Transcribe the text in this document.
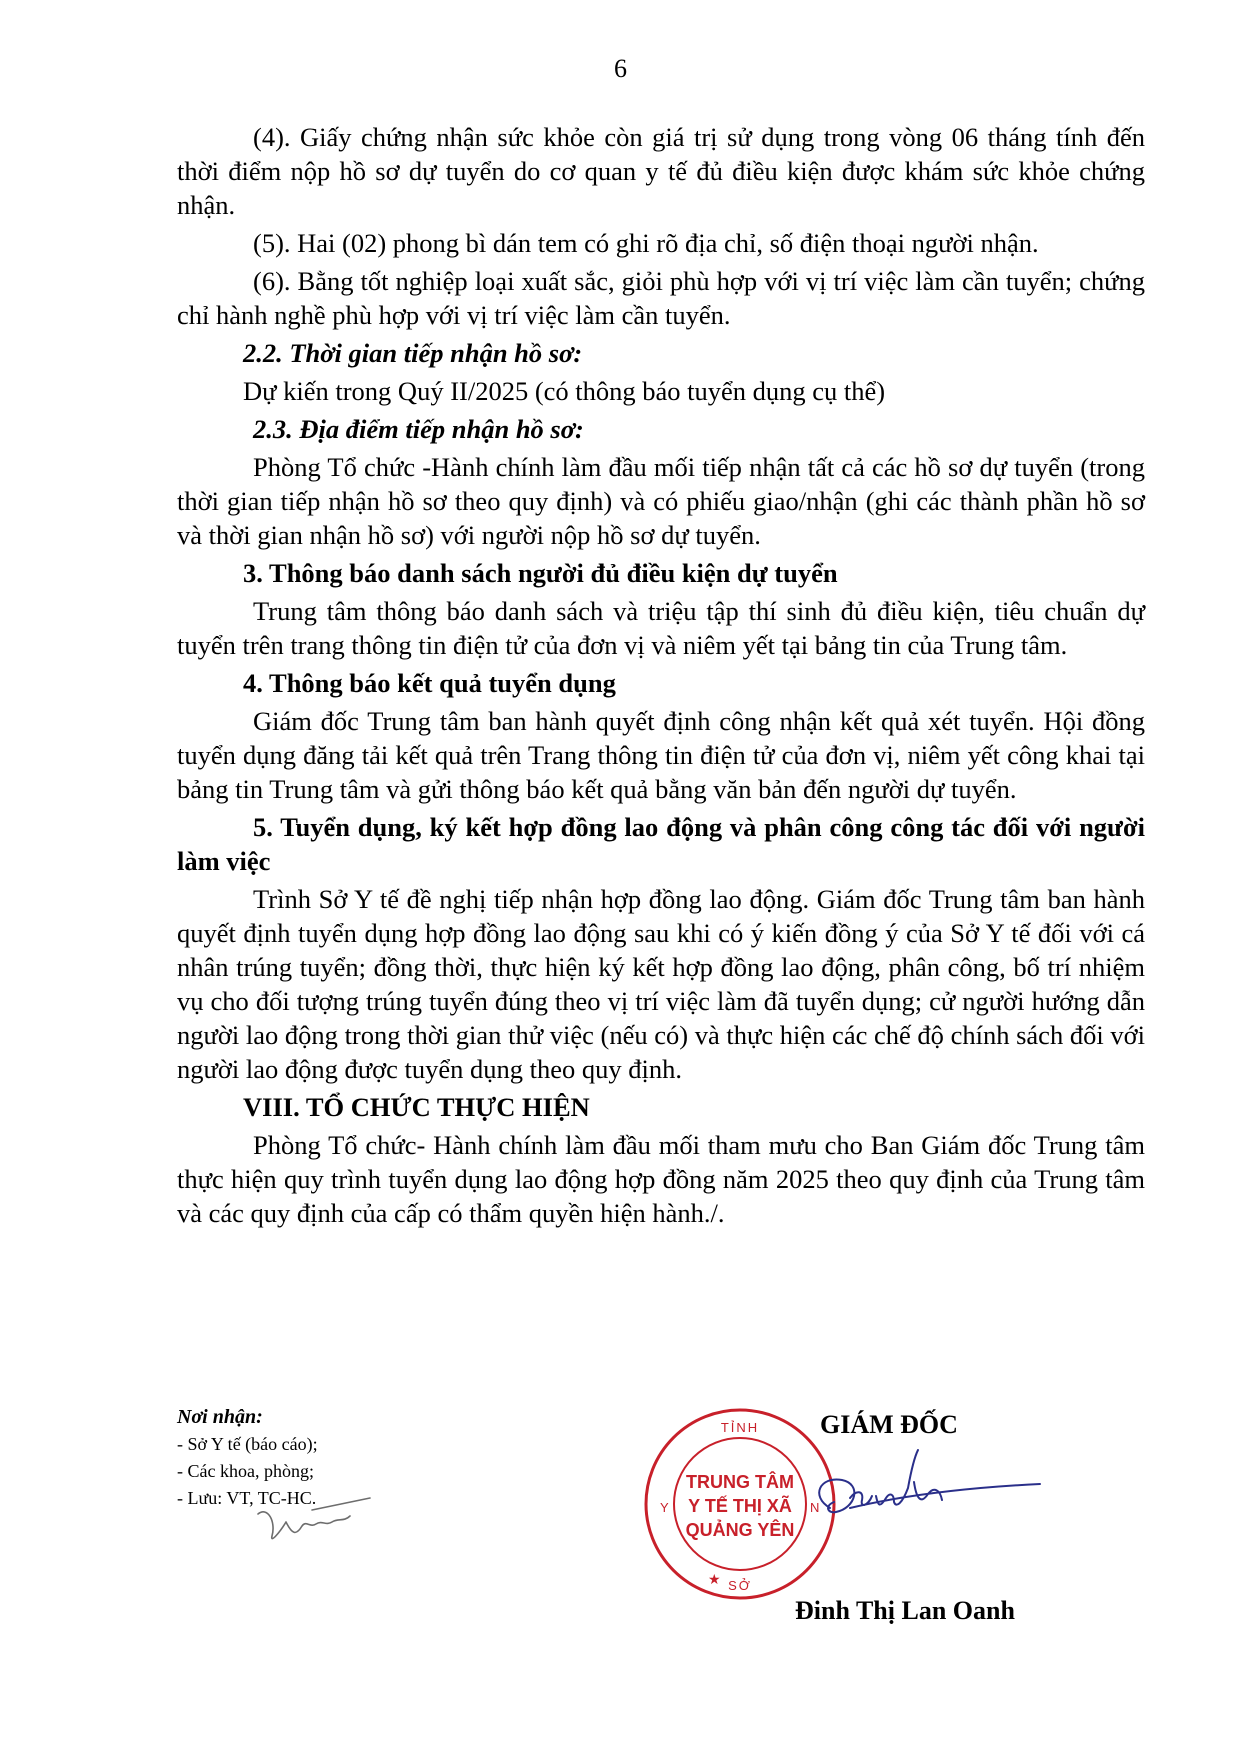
6

(4). Giấy chứng nhận sức khỏe còn giá trị sử dụng trong vòng 06 tháng tính đến thời điểm nộp hồ sơ dự tuyển do cơ quan y tế đủ điều kiện được khám sức khỏe chứng nhận.

(5). Hai (02) phong bì dán tem có ghi rõ địa chỉ, số điện thoại người nhận.

(6). Bằng tốt nghiệp loại xuất sắc, giỏi phù hợp với vị trí việc làm cần tuyển; chứng chỉ hành nghề phù hợp với vị trí việc làm cần tuyển.

2.2. Thời gian tiếp nhận hồ sơ:

Dự kiến trong Quý II/2025 (có thông báo tuyển dụng cụ thể)

2.3. Địa điểm tiếp nhận hồ sơ:

Phòng Tổ chức -Hành chính làm đầu mối tiếp nhận tất cả các hồ sơ dự tuyển (trong thời gian tiếp nhận hồ sơ theo quy định) và có phiếu giao/nhận (ghi các thành phần hồ sơ và thời gian nhận hồ sơ) với người nộp hồ sơ dự tuyển.

3. Thông báo danh sách người đủ điều kiện dự tuyển

Trung tâm thông báo danh sách và triệu tập thí sinh đủ điều kiện, tiêu chuẩn dự tuyển trên trang thông tin điện tử của đơn vị và niêm yết tại bảng tin của Trung tâm.

4. Thông báo kết quả tuyển dụng

Giám đốc Trung tâm ban hành quyết định công nhận kết quả xét tuyển. Hội đồng tuyển dụng đăng tải kết quả trên Trang thông tin điện tử của đơn vị, niêm yết công khai tại bảng tin Trung tâm và gửi thông báo kết quả bằng văn bản đến người dự tuyển.

5. Tuyển dụng, ký kết hợp đồng lao động và phân công công tác đối với người làm việc

Trình Sở Y tế đề nghị tiếp nhận hợp đồng lao động. Giám đốc Trung tâm ban hành quyết định tuyển dụng hợp đồng lao động sau khi có ý kiến đồng ý của Sở Y tế đối với cá nhân trúng tuyển; đồng thời, thực hiện ký kết hợp đồng lao động, phân công, bố trí nhiệm vụ cho đối tượng trúng tuyển đúng theo vị trí việc làm đã tuyển dụng; cử người hướng dẫn người lao động trong thời gian thử việc (nếu có) và thực hiện các chế độ chính sách đối với người lao động được tuyển dụng theo quy định.

VIII. TỔ CHỨC THỰC HIỆN

Phòng Tổ chức- Hành chính làm đầu mối tham mưu cho Ban Giám đốc Trung tâm thực hiện quy trình tuyển dụng lao động hợp đồng năm 2025 theo quy định của Trung tâm và các quy định của cấp có thẩm quyền hiện hành./.

Nơi nhận:
- Sở Y tế (báo cáo);
- Các khoa, phòng;
- Lưu: VT, TC-HC.
TỈNH
Y	N
SỞ
TRUNG TÂM
Y TẾ THỊ XÃ
QUẢNG YÊN
★
GIÁM ĐỐC
Đinh Thị Lan Oanh
